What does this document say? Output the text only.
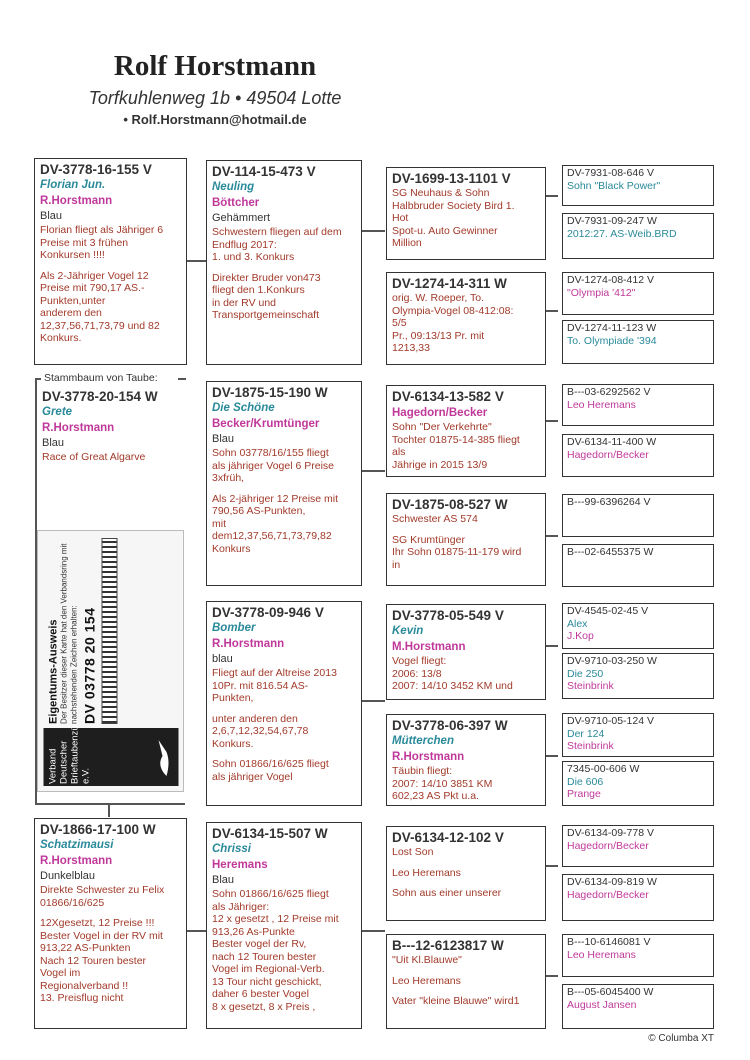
Rolf Horstmann
Torfkuhlenweg 1b • 49504 Lotte
• Rolf.Horstmann@hotmail.de
DV-3778-16-155 V
Florian Jun.
R.Horstmann
Blau
Florian fliegt als Jähriger 6
Preise mit 3 frühen
Konkursen !!!!
Als 2-Jähriger Vogel 12
Preise mit 790,17 AS.-
Punkten,unter
anderem den
12,37,56,71,73,79 und 82
Konkurs.
Stammbaum von Taube:
DV-3778-20-154 W
Grete
R.Horstmann
Blau
Race of Great Algarve
Verband Deutscher Brieftaubenzüchter e.V.
Eigentums-Ausweis Der Besitzer dieser Karte hat den Verbandsring mit nachstehenden Zeichen erhalten: DV 03778 20 154
DV-1866-17-100 W
Schatzimausi
R.Horstmann
Dunkelblau
Direkte Schwester zu Felix
01866/16/625
12Xgesetzt, 12 Preise !!!
Bester Vogel in der RV mit
913,22 AS-Punkten
Nach 12 Touren bester
Vogel im
Regionalverband !!
13. Preisflug nicht
DV-114-15-473 V
Neuling
Böttcher
Gehämmert
Schwestern fliegen auf dem
Endflug 2017:
1. und 3. Konkurs
Direkter Bruder von473
fliegt den 1.Konkurs
in der RV und
Transportgemeinschaft
DV-1875-15-190 W
Die Schöne
Becker/Krumtünger
Blau
Sohn 03778/16/155 fliegt
als jähriger Vogel 6 Preise
3xfrüh,
Als 2-jähriger 12 Preise mit
790,56 AS-Punkten,
mit
dem12,37,56,71,73,79,82
Konkurs
DV-3778-09-946 V
Bomber
R.Horstmann
blau
Fliegt auf der Altreise 2013
10Pr. mit 816.54 AS-
Punkten,
unter anderen den
2,6,7,12,32,54,67,78
Konkurs.
Sohn 01866/16/625 fliegt
als jähriger Vogel
DV-6134-15-507 W
Chrissi
Heremans
Blau
Sohn 01866/16/625 fliegt
als Jähriger:
12 x gesetzt , 12 Preise mit
913,26 As-Punkte
Bester vogel der Rv,
nach 12 Touren bester
Vogel im Regional-Verb.
13 Tour nicht geschickt,
daher 6 bester Vogel
8 x gesetzt, 8 x Preis ,
DV-1699-13-1101 V
SG Neuhaus & Sohn
Halbbruder Society Bird 1.
Hot
Spot-u. Auto Gewinner
Million
DV-1274-14-311 W
orig. W. Roeper, To.
Olympia-Vogel 08-412:08:
5/5
Pr., 09:13/13 Pr. mit
1213,33
DV-6134-13-582 V
Hagedorn/Becker
Sohn "Der Verkehrte"
Tochter 01875-14-385 fliegt
als
Jährige in 2015 13/9
DV-1875-08-527 W
Schwester AS 574
SG Krumtünger
Ihr Sohn 01875-11-179 wird
in
DV-3778-05-549 V
Kevin
M.Horstmann
Vogel fliegt:
2006: 13/8
2007: 14/10 3452 KM und
DV-3778-06-397 W
Mütterchen
R.Horstmann
Täubin fliegt:
2007: 14/10 3851 KM
602,23 AS Pkt u.a.
DV-6134-12-102 V
Lost Son
Leo Heremans
Sohn aus einer unserer
B---12-6123817 W
"Uit Kl.Blauwe"
Leo Heremans
Vater "kleine Blauwe" wird1
DV-7931-08-646 V
Sohn "Black Power"
DV-7931-09-247 W
2012:27. AS-Weib.BRD
DV-1274-08-412 V
"Olympia '412"
DV-1274-11-123 W
To. Olympiade '394
B---03-6292562 V
Leo Heremans
DV-6134-11-400 W
Hagedorn/Becker
B---99-6396264 V
B---02-6455375 W
DV-4545-02-45 V
Alex
J.Kop
DV-9710-03-250 W
Die 250
Steinbrink
DV-9710-05-124 V
Der 124
Steinbrink
7345-00-606 W
Die 606
Prange
DV-6134-09-778 V
Hagedorn/Becker
DV-6134-09-819 W
Hagedorn/Becker
B---10-6146081 V
Leo Heremans
B---05-6045400 W
August Jansen
© Columba XT
